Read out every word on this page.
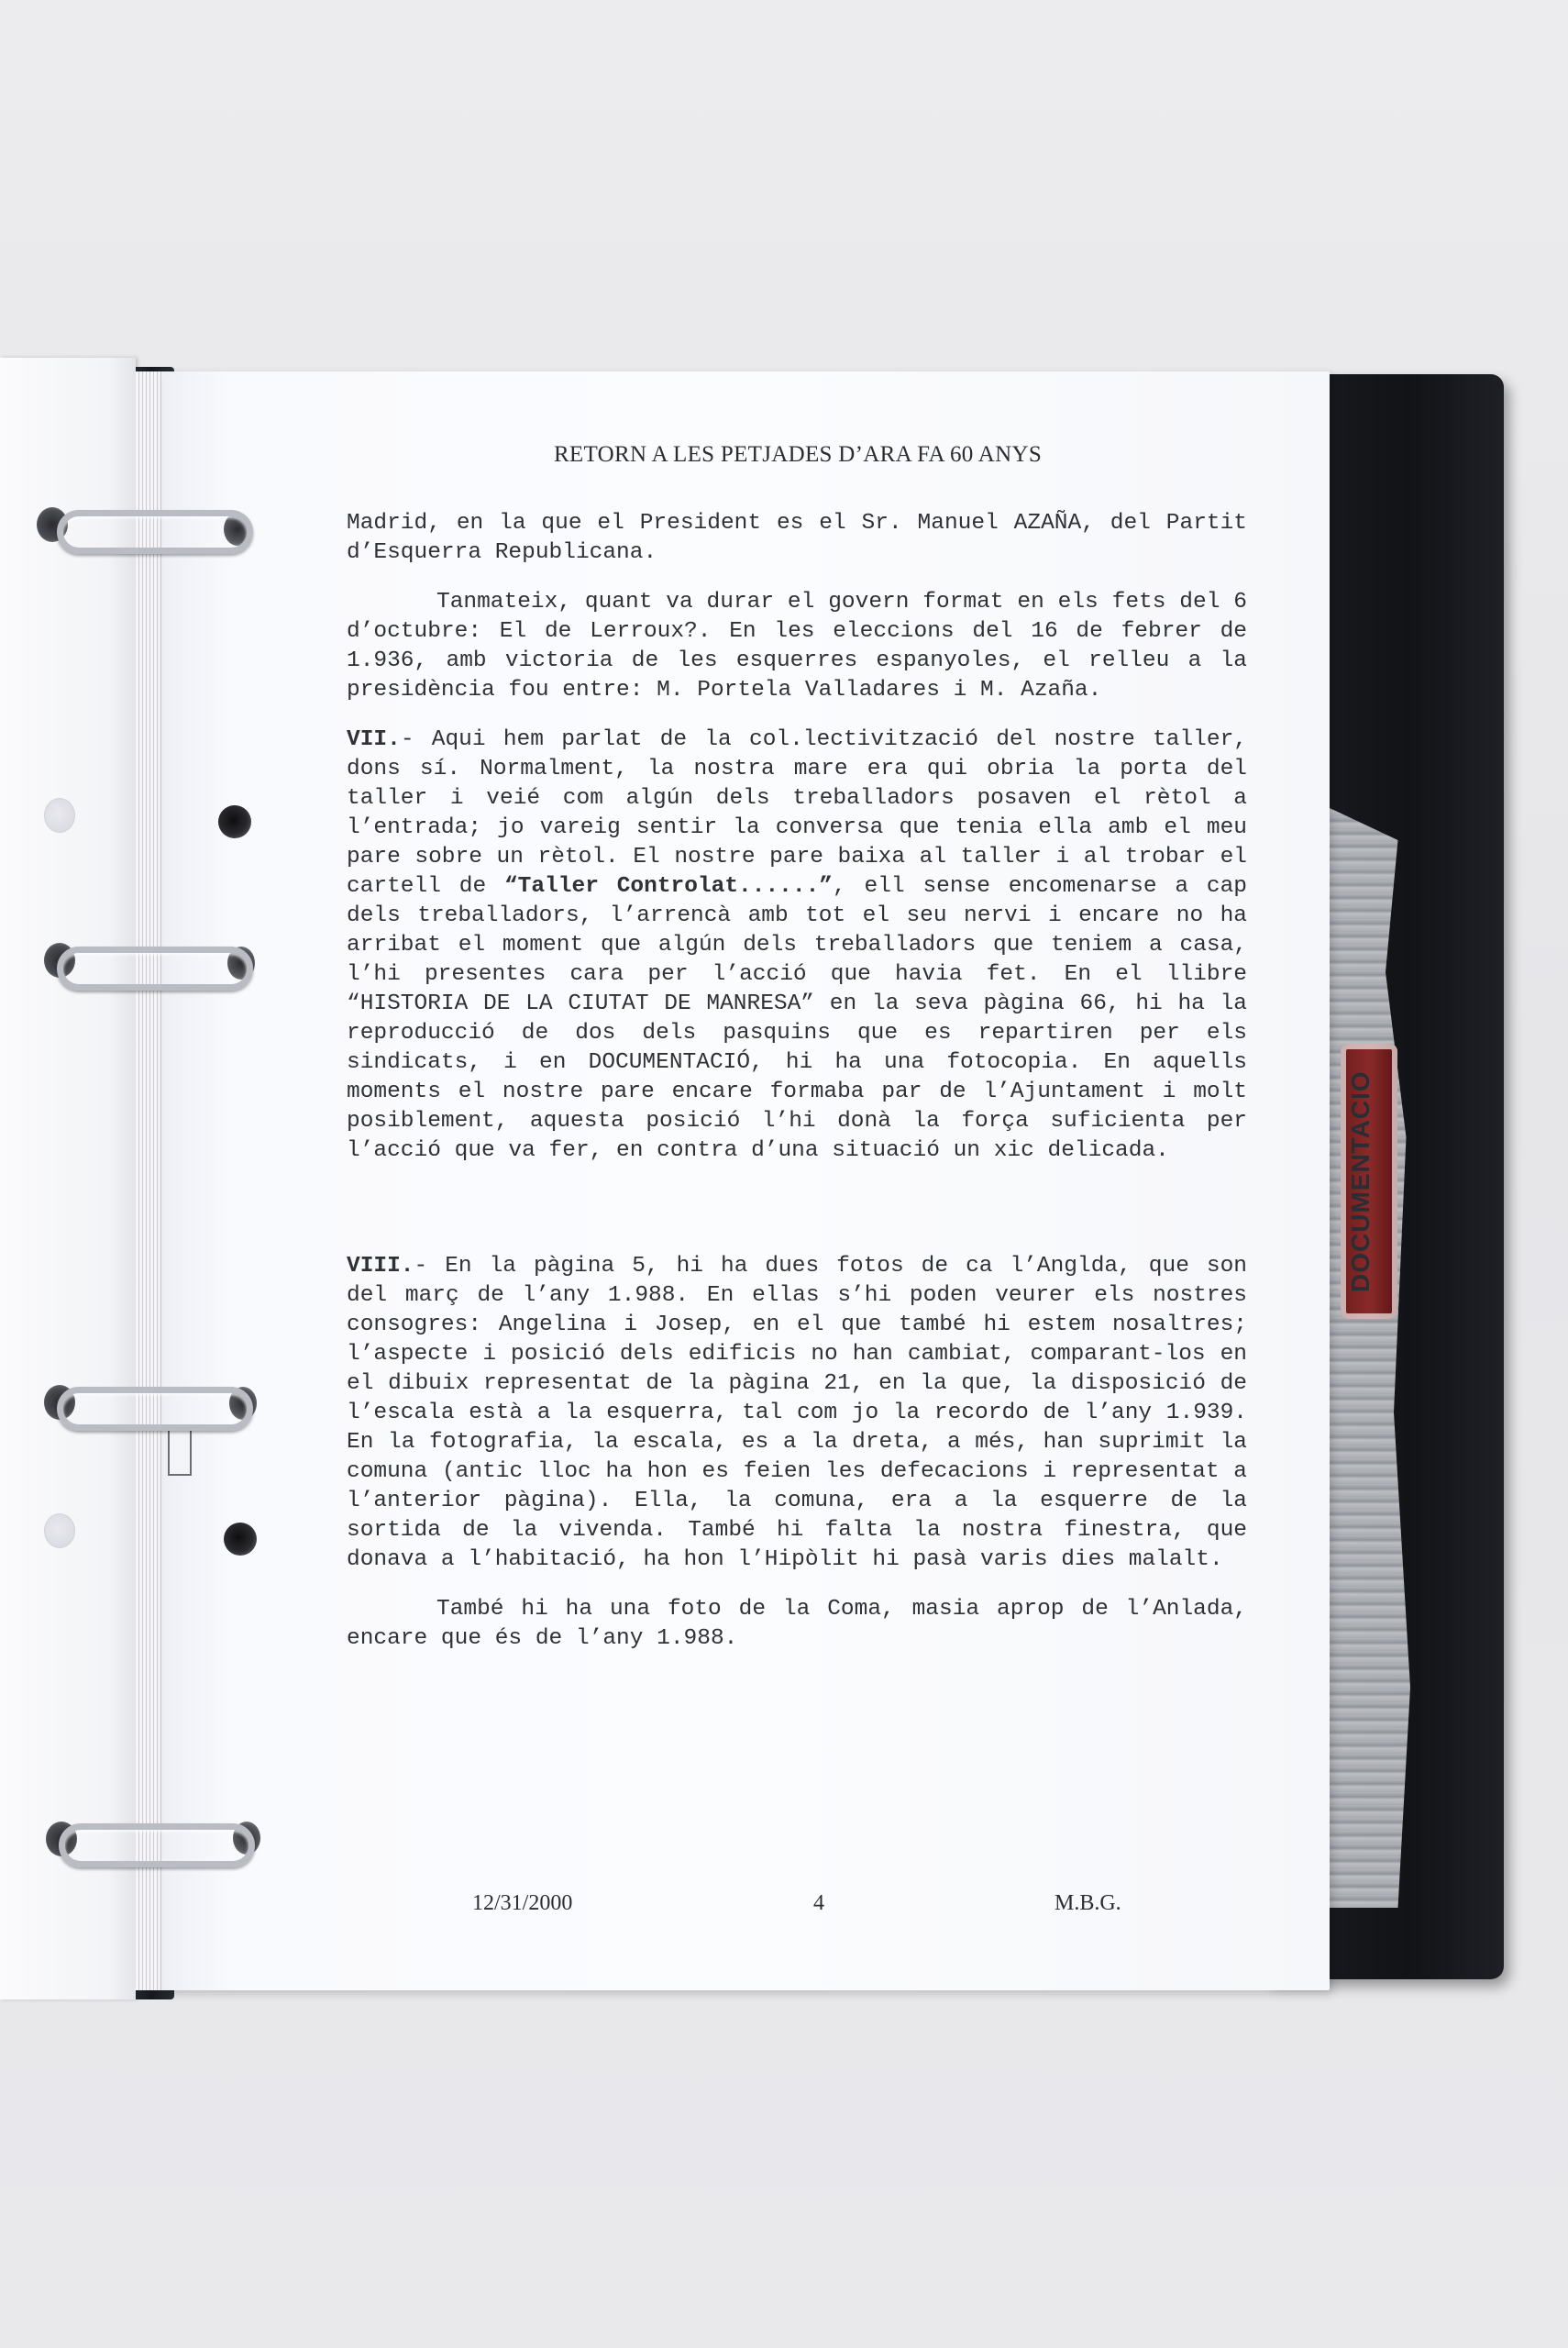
DOCUMENTACIO
RETORN A LES PETJADES D’ARA FA 60 ANYS

Madrid, en la que el President es el Sr. Manuel AZAÑA, del Partit d’Esquerra Republicana.

Tanmateix, quant va durar el govern format en els fets del 6 d’octubre: El de Lerroux?. En les eleccions del 16 de febrer de 1.936, amb victoria de les esquerres espanyoles, el relleu a la presidència fou entre: M. Portela Valladares i M. Azaña.

VII.- Aqui hem parlat de la col.lectivització del nostre taller, dons sí. Normalment, la nostra mare era qui obria la porta del taller i veié com algún dels treballadors posaven el rètol a l’entrada; jo vareig sentir la conversa que tenia ella amb el meu pare sobre un rètol. El nostre pare baixa al taller i al trobar el cartell de “Taller Controlat......”, ell sense encomenarse a cap dels treballadors, l’arrencà amb tot el seu nervi i encare no ha arribat el moment que algún dels treballadors que teniem a casa, l’hi presentes cara per l’acció que havia fet. En el llibre “HISTORIA DE LA CIUTAT DE MANRESA” en la seva pàgina 66, hi ha la reproducció de dos dels pasquins que es repartiren per els sindicats, i en DOCUMENTACIÓ, hi ha una fotocopia. En aquells moments el nostre pare encare formaba par de l’Ajuntament i molt posiblement, aquesta posició l’hi donà la força suficienta per l’acció que va fer, en contra d’una situació un xic delicada.

VIII.- En la pàgina 5, hi ha dues fotos de ca l’Anglda, que son del març de l’any 1.988. En ellas s’hi poden veurer els nostres consogres: Angelina i Josep, en el que també hi estem nosaltres; l’aspecte i posició dels edificis no han cambiat, comparant-los en el dibuix representat de la pàgina 21, en la que, la disposició de l’escala està a la esquerra, tal com jo la recordo de l’any 1.939. En la fotografia, la escala, es a la dreta, a més, han suprimit la comuna (antic lloc ha hon es feien les defecacions i representat a l’anterior pàgina). Ella, la comuna, era a la esquerre de la sortida de la vivenda. També hi falta la nostra finestra, que donava a l’habitació, ha hon l’Hipòlit hi pasà varis dies malalt.

També hi ha una foto de la Coma, masia aprop de l’Anlada, encare que és de l’any 1.988.

12/31/2000	4	M.B.G.
